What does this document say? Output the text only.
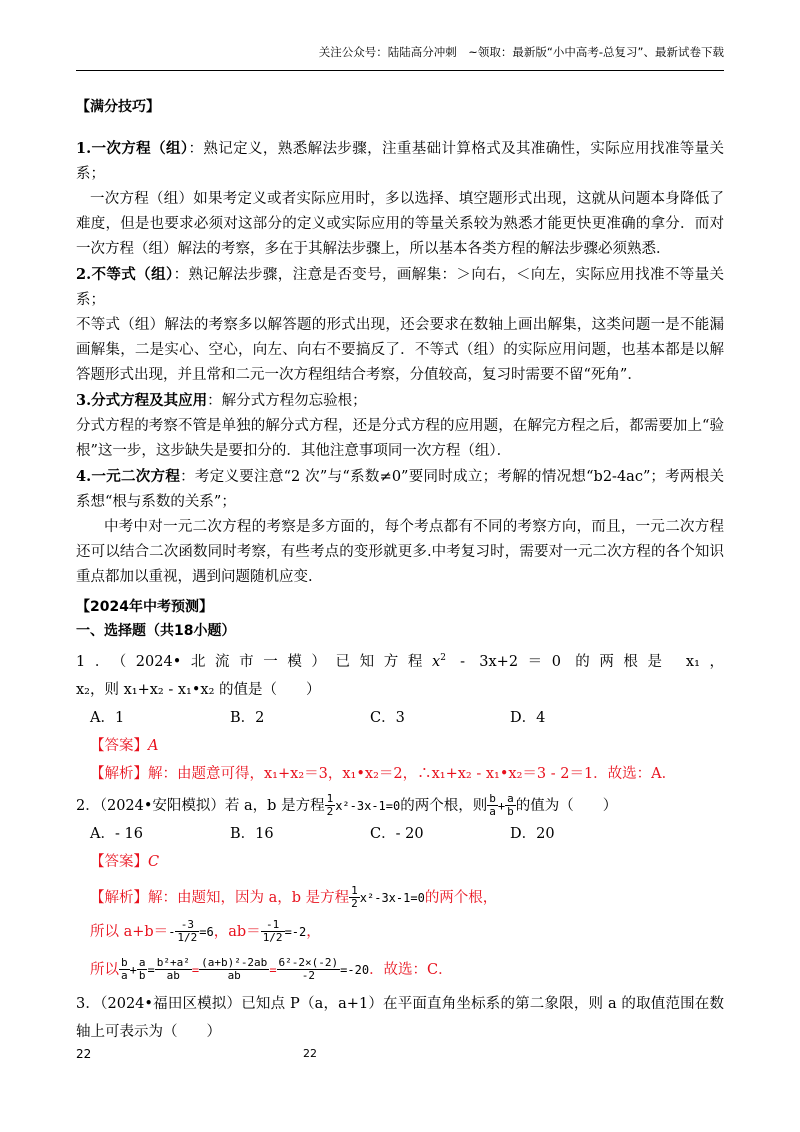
关注公众号：陆陆高分冲刺　~领取：最新版“小中高考-总复习”、最新试卷下载
【满分技巧】

1.一次方程（组）：熟记定义，熟悉解法步骤，注重基础计算格式及其准确性，实际应用找准等量关系；

一次方程（组）如果考定义或者实际应用时，多以选择、填空题形式出现，这就从问题本身降低了难度，但是也要求必须对这部分的定义或实际应用的等量关系较为熟悉才能更快更准确的拿分．而对一次方程（组）解法的考察，多在于其解法步骤上，所以基本各类方程的解法步骤必须熟悉．

2.不等式（组）：熟记解法步骤，注意是否变号，画解集：＞向右，＜向左，实际应用找准不等量关系；

不等式（组）解法的考察多以解答题的形式出现，还会要求在数轴上画出解集，这类问题一是不能漏画解集，二是实心、空心，向左、向右不要搞反了．不等式（组）的实际应用问题，也基本都是以解答题形式出现，并且常和二元一次方程组结合考察，分值较高，复习时需要不留“死角”．

3.分式方程及其应用：解分式方程勿忘验根；

分式方程的考察不管是单独的解分式方程，还是分式方程的应用题，在解完方程之后，都需要加上“验根”这一步，这步缺失是要扣分的．其他注意事项同一次方程（组）．

4.一元二次方程：考定义要注意“2 次”与“系数≠0”要同时成立；考解的情况想“b2-4ac”；考两根关系想“根与系数的关系”；

中考中对一元二次方程的考察是多方面的，每个考点都有不同的考察方向，而且，一元二次方程还可以结合二次函数同时考察，有些考点的变形就更多.中考复习时，需要对一元二次方程的各个知识重点都加以重视，遇到问题随机应变.

【2024年中考预测】
一、选择题（共18小题）

1．（2024•北流市一模）已知方程$x^2 - 3x+2=0$ 的两根是 x₁，x₂，则 x₁+x₂ - x₁•x₂ 的值是（　　）

A．1	B．2	C．3	D．4

【答案】A

【解析】解：由题意可得，x₁+x₂＝3，x₁•x₂＝2，∴x₁+x₂ - x₁•x₂＝3 - 2＝1．故选：A．

2．（2024•安阳模拟）若 a，b 是方程 $\frac{1}{2} x^2-3x-1=0$的两个根，则 $\frac{b}{a} + \frac{a}{b}$ 的值为（　　）

A．- 16	B．16	C．- 20	D．20

【答案】C

【解析】解：由题知，因为 a，b 是方程 $\frac{1}{2} x^2-3x-1=0$的两个根，

所以 $a+b=- \frac{-3}{1/2} =6$，$ab= \frac{-1}{1/2} =-2$，

所以 $\frac{b}{a} + \frac{a}{b} = \frac{\text{b²+a²}}{ab} = \frac{\text{(a+b)²-2ab}}{ab} = \frac{\text{6²-2×(-2)}}{-2} =-20$．故选：C．

3．（2024•福田区模拟）已知点 P（a，a+1）在平面直角坐标系的第二象限，则 a 的取值范围在数轴上可表示为（　　）

22	22
